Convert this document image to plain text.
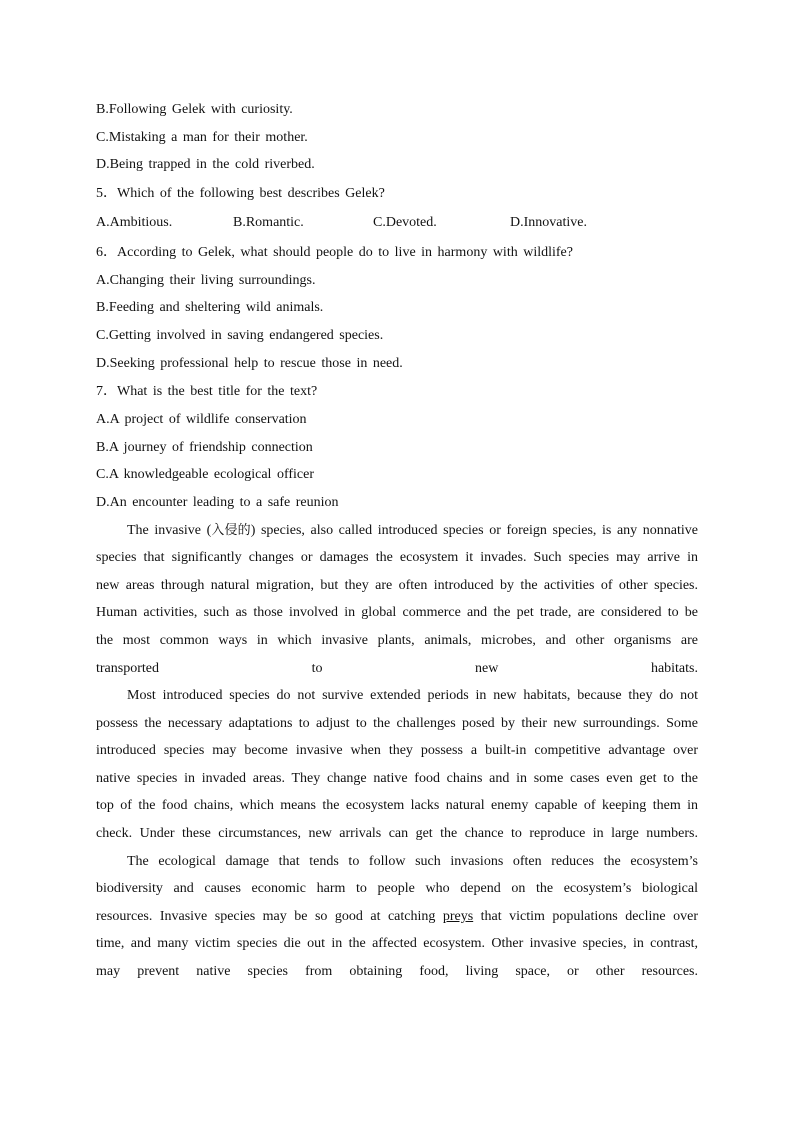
B.Following Gelek with curiosity.
C.Mistaking a man for their mother.
D.Being trapped in the cold riverbed.
5．Which of the following best describes Gelek?
A.Ambitious.	B.Romantic.	C.Devoted.	D.Innovative.
6．According to Gelek, what should people do to live in harmony with wildlife?
A.Changing their living surroundings.
B.Feeding and sheltering wild animals.
C.Getting involved in saving endangered species.
D.Seeking professional help to rescue those in need.
7．What is the best title for the text?
A.A project of wildlife conservation
B.A journey of friendship connection
C.A knowledgeable ecological officer
D.An encounter leading to a safe reunion

The invasive (入侵的) species, also called introduced species or foreign species, is any nonnative species that significantly changes or damages the ecosystem it invades. Such species may arrive in new areas through natural migration, but they are often introduced by the activities of other species. Human activities, such as those involved in global commerce and the pet trade, are considered to be the most common ways in which invasive plants, animals, microbes, and other organisms are transported to new habitats.

Most introduced species do not survive extended periods in new habitats, because they do not possess the necessary adaptations to adjust to the challenges posed by their new surroundings. Some introduced species may become invasive when they possess a built-in competitive advantage over native species in invaded areas. They change native food chains and in some cases even get to the top of the food chains, which means the ecosystem lacks natural enemy capable of keeping them in check. Under these circumstances, new arrivals can get the chance to reproduce in large numbers.

The ecological damage that tends to follow such invasions often reduces the ecosystem’s biodiversity and causes economic harm to people who depend on the ecosystem’s biological resources. Invasive species may be so good at catching preys that victim populations decline over time, and many victim species die out in the affected ecosystem. Other invasive species, in contrast, may prevent native species from obtaining food, living space, or other resources.
